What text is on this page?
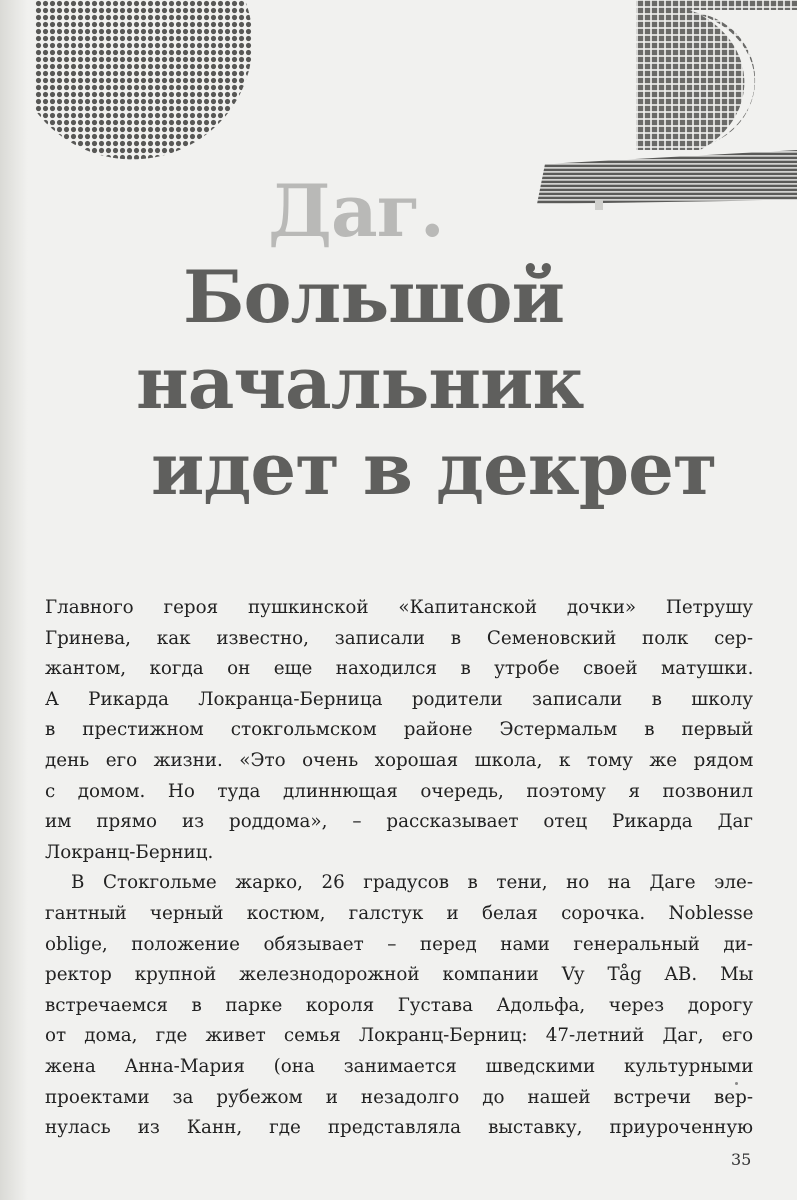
Даг.
Большой
начальник
идет в декрет
Главного героя пушкинской «Капитанской дочки» Петрушу
Гринева, как известно, записали в Семеновский полк сер-
жантом, когда он еще находился в утробе своей матушки.
А Рикарда Локранца-Берница родители записали в школу
в престижном стокгольмском районе Эстермальм в первый
день его жизни. «Это очень хорошая школа, к тому же рядом
с домом. Но туда длиннющая очередь, поэтому я позвонил
им прямо из роддома», – рассказывает отец Рикарда Даг
Локранц-Берниц.
В Стокгольме жарко, 26 градусов в тени, но на Даге эле-
гантный черный костюм, галстук и белая сорочка. Noblesse
oblige, положение обязывает – перед нами генеральный ди-
ректор крупной железнодорожной компании Vy Tåg AB. Мы
встречаемся в парке короля Густава Адольфа, через дорогу
от дома, где живет семья Локранц-Берниц: 47-летний Даг, его
жена Анна-Мария (она занимается шведскими культурными
проектами за рубежом и незадолго до нашей встречи вер-
нулась из Канн, где представляла выставку, приуроченную
35
